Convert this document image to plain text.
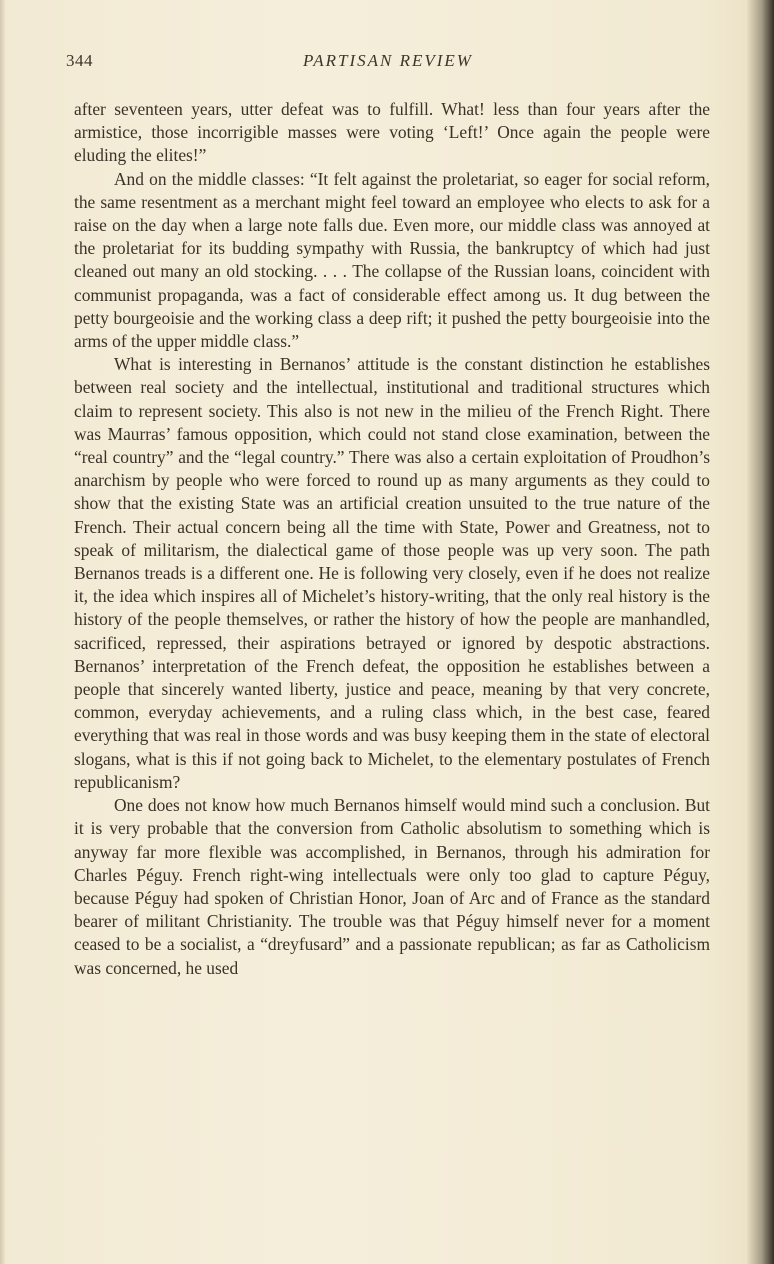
344	PARTISAN REVIEW

after seventeen years, utter defeat was to fulfill. What! less than four years after the armistice, those incorrigible masses were voting ‘Left!’ Once again the people were eluding the elites!”

And on the middle classes: “It felt against the proletariat, so eager for social reform, the same resentment as a merchant might feel toward an employee who elects to ask for a raise on the day when a large note falls due. Even more, our middle class was annoyed at the proletariat for its budding sympathy with Russia, the bankruptcy of which had just cleaned out many an old stocking. . . . The collapse of the Russian loans, coincident with communist propaganda, was a fact of considerable effect among us. It dug between the petty bourgeoisie and the working class a deep rift; it pushed the petty bourgeoisie into the arms of the upper middle class.”

What is interesting in Bernanos’ attitude is the constant distinction he establishes between real society and the intellectual, institutional and traditional structures which claim to represent society. This also is not new in the milieu of the French Right. There was Maurras’ famous opposition, which could not stand close examination, between the “real country” and the “legal country.” There was also a certain exploitation of Proudhon’s anarchism by people who were forced to round up as many arguments as they could to show that the existing State was an artificial creation unsuited to the true nature of the French. Their actual concern being all the time with State, Power and Greatness, not to speak of militarism, the dialectical game of those people was up very soon. The path Bernanos treads is a different one. He is following very closely, even if he does not realize it, the idea which inspires all of Michelet’s history-writing, that the only real history is the history of the people themselves, or rather the history of how the people are manhandled, sacrificed, repressed, their aspirations betrayed or ignored by despotic abstractions. Bernanos’ interpretation of the French defeat, the opposition he establishes between a people that sincerely wanted liberty, justice and peace, meaning by that very concrete, common, everyday achievements, and a ruling class which, in the best case, feared everything that was real in those words and was busy keeping them in the state of electoral slogans, what is this if not going back to Michelet, to the elementary postulates of French republicanism?

One does not know how much Bernanos himself would mind such a conclusion. But it is very probable that the conversion from Catholic absolutism to something which is anyway far more flexible was accomplished, in Bernanos, through his admiration for Charles Péguy. French right-wing intellectuals were only too glad to capture Péguy, because Péguy had spoken of Christian Honor, Joan of Arc and of France as the standard bearer of militant Christianity. The trouble was that Péguy himself never for a moment ceased to be a socialist, a “dreyfusard” and a passionate republican; as far as Catholicism was concerned, he used
